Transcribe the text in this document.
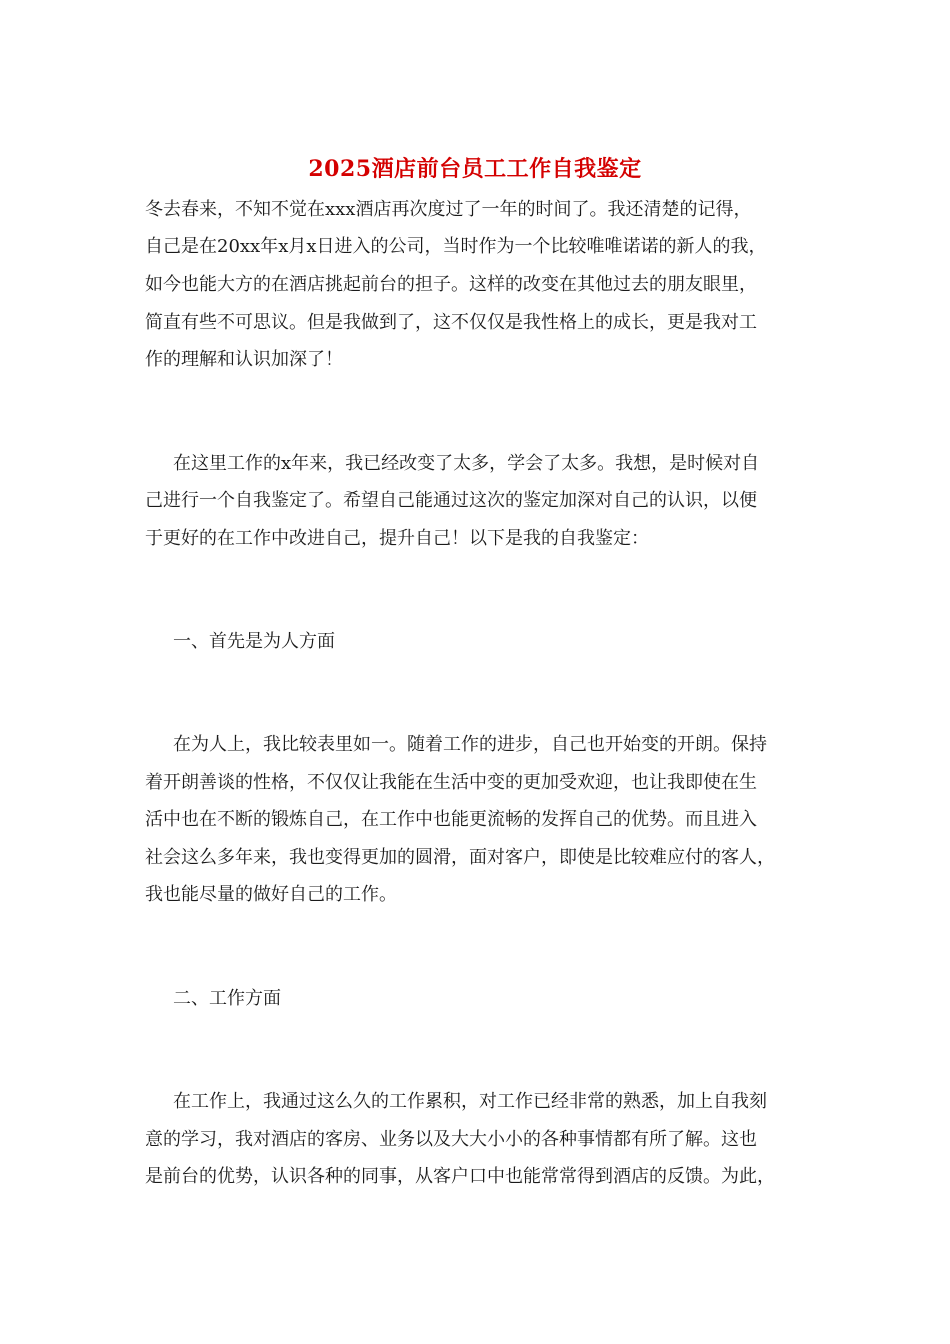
2025酒店前台员工工作自我鉴定
冬去春来，不知不觉在xxx酒店再次度过了一年的时间了。我还清楚的记得，
自己是在20xx年x月x日进入的公司，当时作为一个比较唯唯诺诺的新人的我，
如今也能大方的在酒店挑起前台的担子。这样的改变在其他过去的朋友眼里，
简直有些不可思议。但是我做到了，这不仅仅是我性格上的成长，更是我对工
作的理解和认识加深了！
在这里工作的x年来，我已经改变了太多，学会了太多。我想，是时候对自
己进行一个自我鉴定了。希望自己能通过这次的鉴定加深对自己的认识，以便
于更好的在工作中改进自己，提升自己！以下是我的自我鉴定：
一、首先是为人方面
在为人上，我比较表里如一。随着工作的进步，自己也开始变的开朗。保持
着开朗善谈的性格，不仅仅让我能在生活中变的更加受欢迎，也让我即使在生
活中也在不断的锻炼自己，在工作中也能更流畅的发挥自己的优势。而且进入
社会这么多年来，我也变得更加的圆滑，面对客户，即使是比较难应付的客人，
我也能尽量的做好自己的工作。
二、工作方面
在工作上，我通过这么久的工作累积，对工作已经非常的熟悉，加上自我刻
意的学习，我对酒店的客房、业务以及大大小小的各种事情都有所了解。这也
是前台的优势，认识各种的同事，从客户口中也能常常得到酒店的反馈。为此，
